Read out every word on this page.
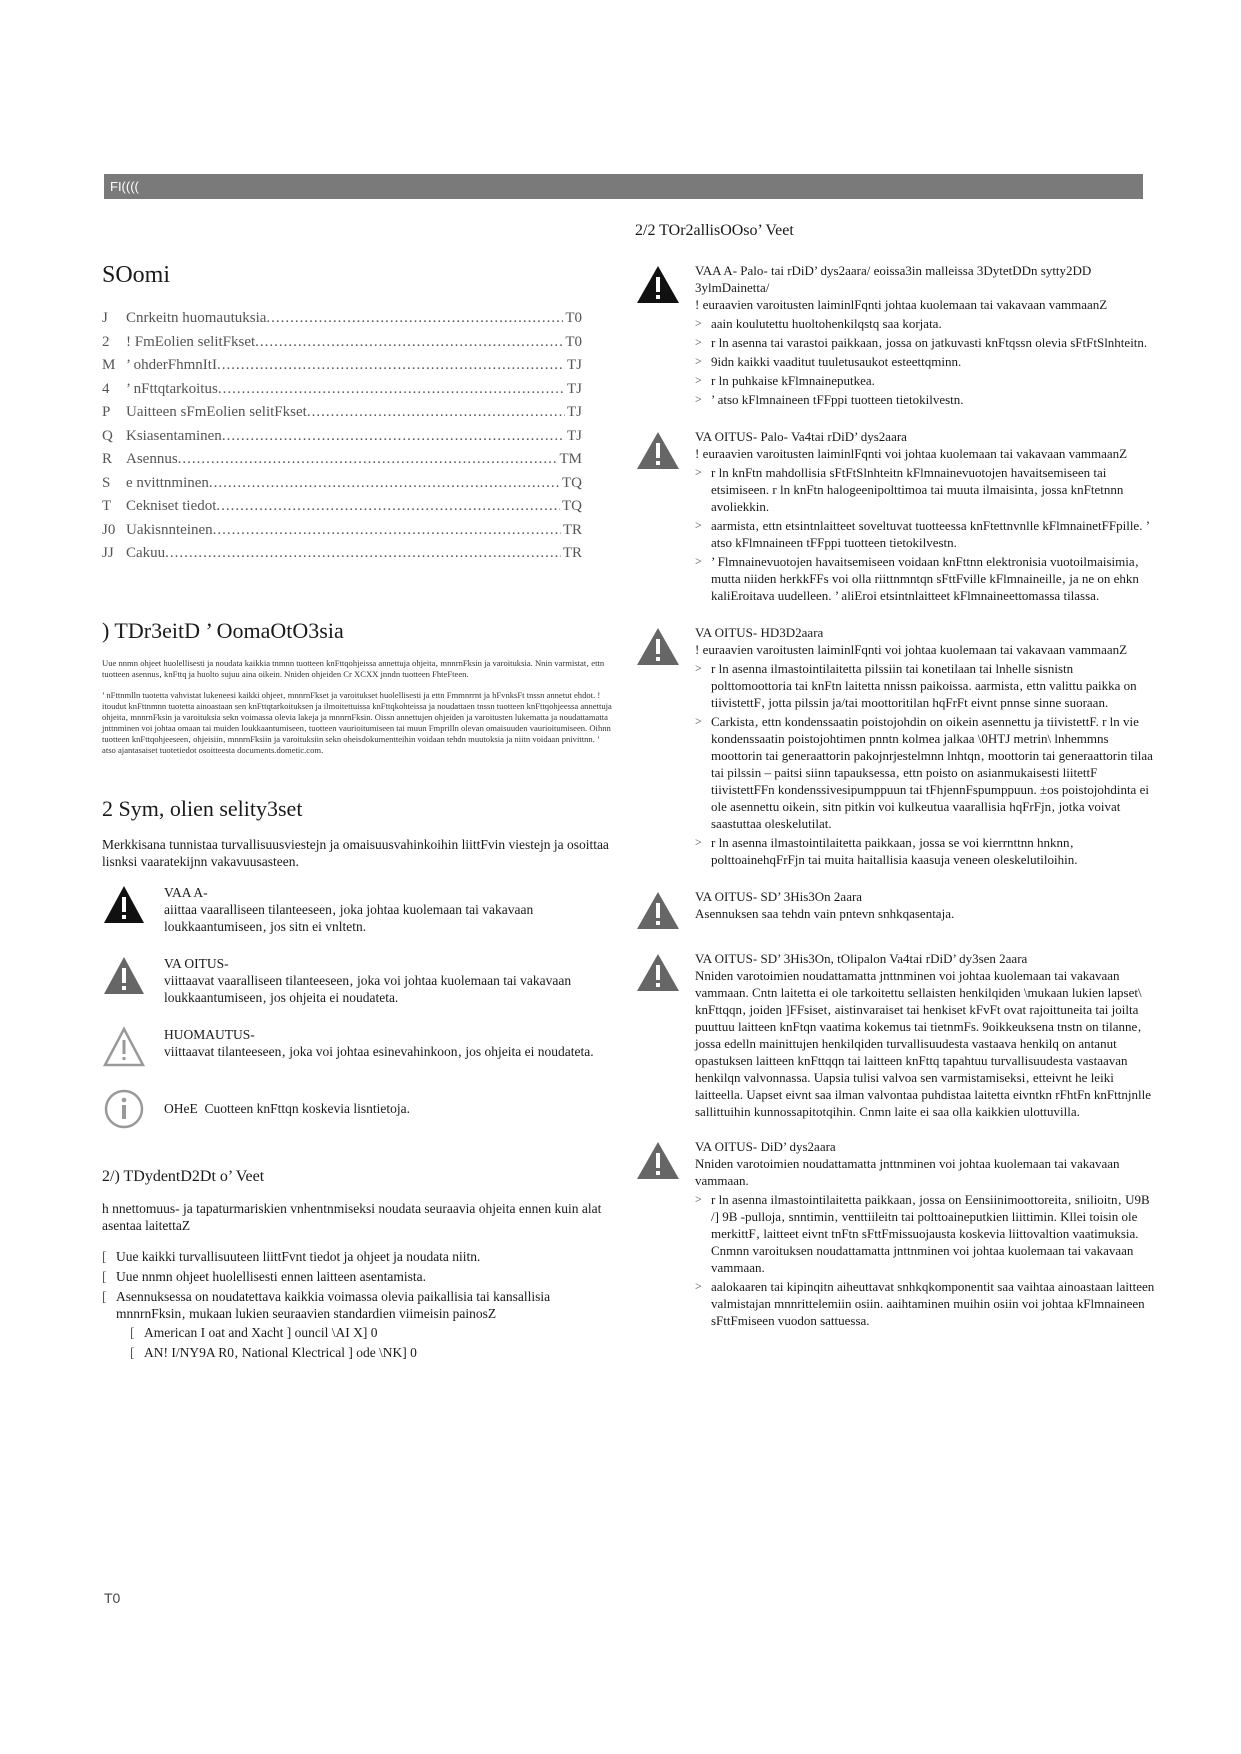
FI((((
SOomi
J	Cnrkeitn huomautuksia .....	T0
2	! FmEolien selitFkset .....	T0
M ’ ohderFhmnItI .....	TJ
4	’ nFttqtarkoitus .....	TJ
P	Uaitteen sFmEolien selitFkset .....	TJ
Q Ksiasentaminen .....	TJ
R Asennus .....	TM
S	e nvittnminen .....	TQ
T Cekniset tiedot .....	TQ
J0 Uakisnnteinen .....	TR
JJ Cakuu .....	TR
) TDr3eitD ’ OomaOtO3sia

Uue nnmn ohjeet huolellisesti ja noudata kaikkia tnmnn tuotteen knFttqohjeissa annettuja ohjeita‚ mnnrnFksin ja varoituksia. Nnin varmistat‚ ettn tuotteen asennus‚ knFttq ja huolto sujuu aina oikein. Nniden ohjeiden Cr XCXX jnndn tuotteen FhteFteen.

’ nFttnmlln tuotetta vahvistat lukeneesi kaikki ohjeet‚ mnnrnFkset ja varoitukset huolellisesti ja ettn Fmmnrrnt ja hFvnksFt tnssn annetut ehdot. ! itoudut knFttnmnn tuotetta ainoastaan sen knFttqtarkoituksen ja ilmoitettuissa knFttqkohteissa ja noudattaen tnssn tuotteen knFttqohjeessa annettuja ohjeita‚ mnnrnFksin ja varoituksia sekn voimassa olevia lakeja ja mnnrnFksin. Oissn annettujen ohjeiden ja varoitusten lukematta ja noudattamatta jnttnminen voi johtaa omaan tai muiden loukkaantumiseen‚ tuotteen vaurioitumiseen tai muun Fmprilln olevan omaisuuden vaurioitumiseen. Oihnn tuotteen knFttqohjeeseen‚ ohjeisiin‚ mnnrnFksiin ja varoituksiin sekn oheisdokumentteihin voidaan tehdn muutoksia ja niitn voidaan pnivittnn. ’ atso ajantasaiset tuotetiedot osoitteesta documents.dometic.com.

2 Sym, olien selity3set

Merkkisana tunnistaa turvallisuusviestejn ja omaisuusvahinkoihin liittFvin viestejn ja osoittaa lisnksi vaaratekijnn vakavuusasteen.

VAA A-
aiittaa vaaralliseen tilanteeseen‚ joka johtaa kuolemaan tai vakavaan loukkaantumiseen‚ jos sitn ei vnltetn.
VA OITUS-
viittaavat vaaralliseen tilanteeseen‚ joka voi johtaa kuolemaan tai vakavaan loukkaantumiseen‚ jos ohjeita ei noudateta.
HUOMAUTUS-
viittaavat tilanteeseen‚ joka voi johtaa esinevahinkoon‚ jos ohjeita ei noudateta.
OHeE Cuotteen knFttqn koskevia lisntietoja.
2/) TDydentD2Dt o’ Veet

h nnettomuus- ja tapaturmariskien vnhentnmiseksi noudata seuraavia ohjeita ennen kuin alat asentaa laitettaZ

[ Uue kaikki turvallisuuteen liittFvnt tiedot ja ohjeet ja noudata niitn.
[ Uue nnmn ohjeet huolellisesti ennen laitteen asentamista.
[ Asennuksessa on noudatettava kaikkia voimassa olevia paikallisia tai kansallisia mnnrnFksin‚ mukaan lukien seuraavien standardien viimeisin painosZ
[ American I oat and Xacht ] ouncil \AI X] 0
[ AN! I/NY9A R0‚ National Klectrical ] ode \NK] 0
2/2 TOr2allisOOso’ Veet
VAA A- Palo- tai rDiD’ dys2aara/ eoissa3in malleissa 3DytetDDn sytty2DD 3ylmDainetta/
! euraavien varoitusten laiminlFqnti johtaa kuolemaan tai vakavaan vammaanZ
> aain koulutettu huoltohenkilqstq saa korjata.
> r ln asenna tai varastoi paikkaan‚ jossa on jatkuvasti knFtqssn olevia sFtFtSlnhteitn.
> 9idn kaikki vaaditut tuuletusaukot esteettqminn.
> r ln puhkaise kFlmnaineputkea.
> ’ atso kFlmnaineen tFFppi tuotteen tietokilvestn.
VA OITUS- Palo- Va4tai rDiD’ dys2aara
! euraavien varoitusten laiminlFqnti voi johtaa kuolemaan tai vakavaan vammaanZ
> r ln knFtn mahdollisia sFtFtSlnhteitn kFlmnainevuotojen havaitsemiseen tai etsimiseen. r ln knFtn halogeenipolttimoa tai muuta ilmaisinta‚ jossa knFtetnnn avoliekkin.
> aarmista‚ ettn etsintnlaitteet soveltuvat tuotteessa knFtettnvnlle kFlmnainetFFpille. ’ atso kFlmnaineen tFFppi tuotteen tietokilvestn.
> ’ Flmnainevuotojen havaitsemiseen voidaan knFttnn elektronisia vuotoilmaisimia‚ mutta niiden herkkFFs voi olla riittnmntqn sFttFville kFlmnaineille‚ ja ne on ehkn kaliEroitava uudelleen. ’ aliEroi etsintnlaitteet kFlmnaineettomassa tilassa.
VA OITUS- HD3D2aara
! euraavien varoitusten laiminlFqnti voi johtaa kuolemaan tai vakavaan vammaanZ
> r ln asenna ilmastointilaitetta pilssiin tai konetilaan tai lnhelle sisnistn polttomoottoria tai knFtn laitetta nnissn paikoissa. aarmista‚ ettn valittu paikka on tiivistettF‚ jotta pilssin ja/tai moottoritilan hqFrFt eivnt pnnse sinne suoraan.
> Carkista‚ ettn kondenssaatin poistojohdin on oikein asennettu ja tiivistettF. r ln vie kondenssaatin poistojohtimen pnntn kolmea jalkaa \0HTJ metrin\ lnhemmns moottorin tai generaattorin pakojnrjestelmnn lnhtqn‚ moottorin tai generaattorin tilaa tai pilssin – paitsi siinn tapauksessa‚ ettn poisto on asianmukaisesti liitettF tiivistettFFn kondenssivesipumppuun tai tFhjennFspumppuun. ±os poistojohdinta ei ole asennettu oikein‚ sitn pitkin voi kulkeutua vaarallisia hqFrFjn‚ jotka voivat saastuttaa oleskelutilat.
> r ln asenna ilmastointilaitetta paikkaan‚ jossa se voi kierrnttnn hnknn‚ polttoainehqFrFjn tai muita haitallisia kaasuja veneen oleskelutiloihin.
VA OITUS- SD’ 3His3On 2aara
Asennuksen saa tehdn vain pntevn snhkqasentaja.
VA OITUS- SD’ 3His3On, tOlipalon Va4tai rDiD’ dy3sen 2aara
Nniden varotoimien noudattamatta jnttnminen voi johtaa kuolemaan tai vakavaan vammaan. Cntn laitetta ei ole tarkoitettu sellaisten henkilqiden \mukaan lukien lapset\ knFttqqn‚ joiden ]FFsiset‚ aistinvaraiset tai henkiset kFvFt ovat rajoittuneita tai joilta puuttuu laitteen knFtqn vaatima kokemus tai tietnmFs. 9oikkeuksena tnstn on tilanne‚ jossa edelln mainittujen henkilqiden turvallisuudesta vastaava henkilq on antanut opastuksen laitteen knFttqqn tai laitteen knFttq tapahtuu turvallisuudesta vastaavan henkilqn valvonnassa. Uapsia tulisi valvoa sen varmistamiseksi‚ etteivnt he leiki laitteella. Uapset eivnt saa ilman valvontaa puhdistaa laitetta eivntkn rFhtFn knFttnjnlle sallittuihin kunnossapitotqihin. Cnmn laite ei saa olla kaikkien ulottuvilla.
VA OITUS- DiD’ dys2aara
Nniden varotoimien noudattamatta jnttnminen voi johtaa kuolemaan tai vakavaan vammaan.
> r ln asenna ilmastointilaitetta paikkaan‚ jossa on Eensiinimoottoreita‚ snilioitn‚ U9B /] 9B -pulloja‚ snntimin‚ venttiileitn tai polttoaineputkien liittimin. Kllei toisin ole merkittF‚ laitteet eivnt tnFtn sFttFmissuojausta koskevia liittovaltion vaatimuksia. Cnmnn varoituksen noudattamatta jnttnminen voi johtaa kuolemaan tai vakavaan vammaan.
> aalokaaren tai kipinqitn aiheuttavat snhkqkomponentit saa vaihtaa ainoastaan laitteen valmistajan mnnrittelemiin osiin. aaihtaminen muihin osiin voi johtaa kFlmnaineen sFttFmiseen vuodon sattuessa.
T0
